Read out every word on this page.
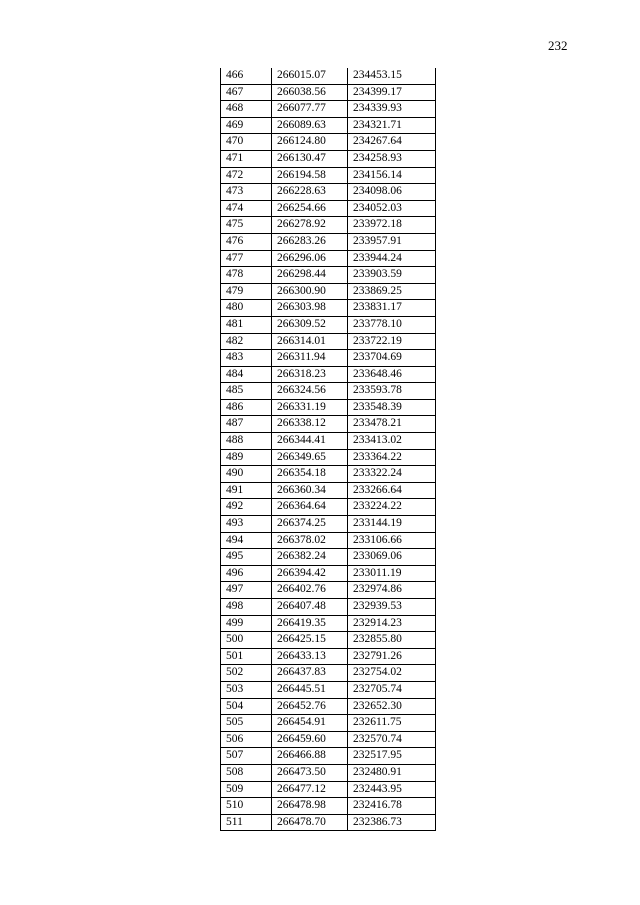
232
466	266015.07	234453.15
467	266038.56	234399.17
468	266077.77	234339.93
469	266089.63	234321.71
470	266124.80	234267.64
471	266130.47	234258.93
472	266194.58	234156.14
473	266228.63	234098.06
474	266254.66	234052.03
475	266278.92	233972.18
476	266283.26	233957.91
477	266296.06	233944.24
478	266298.44	233903.59
479	266300.90	233869.25
480	266303.98	233831.17
481	266309.52	233778.10
482	266314.01	233722.19
483	266311.94	233704.69
484	266318.23	233648.46
485	266324.56	233593.78
486	266331.19	233548.39
487	266338.12	233478.21
488	266344.41	233413.02
489	266349.65	233364.22
490	266354.18	233322.24
491	266360.34	233266.64
492	266364.64	233224.22
493	266374.25	233144.19
494	266378.02	233106.66
495	266382.24	233069.06
496	266394.42	233011.19
497	266402.76	232974.86
498	266407.48	232939.53
499	266419.35	232914.23
500	266425.15	232855.80
501	266433.13	232791.26
502	266437.83	232754.02
503	266445.51	232705.74
504	266452.76	232652.30
505	266454.91	232611.75
506	266459.60	232570.74
507	266466.88	232517.95
508	266473.50	232480.91
509	266477.12	232443.95
510	266478.98	232416.78
511	266478.70	232386.73
